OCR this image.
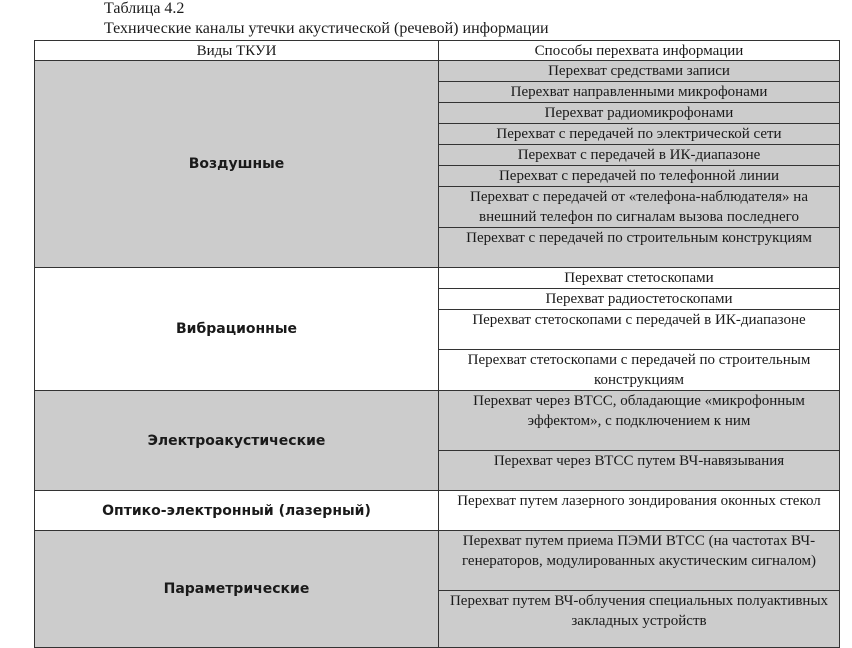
Таблица 4.2
Технические каналы утечки акустической (речевой) информации
Виды ТКУИ	Способы перехвата информации
Воздушные	Перехват средствами записи
	Перехват направленными микрофонами
	Перехват радиомикрофонами
	Перехват с передачей по электрической сети
	Перехват с передачей в ИК-диапазоне
	Перехват с передачей по телефонной линии
	Перехват с передачей от «телефона-наблюдателя» на внешний телефон по сигналам вызова последнего
	Перехват с передачей по строительным конструкциям
Вибрационные	Перехват стетоскопами
	Перехват радиостетоскопами
	Перехват стетоскопами с передачей в ИК-диапазоне
	Перехват стетоскопами с передачей по строительным конструкциям
Электроакустические	Перехват через ВТСС, обладающие «микрофонным эффектом», с подключением к ним
	Перехват через ВТСС путем ВЧ-навязывания
Оптико-электронный (лазерный)	Перехват путем лазерного зондирования оконных стекол
Параметрические	Перехват путем приема ПЭМИ ВТСС (на частотах ВЧ-генераторов, модулированных акустическим сигналом)
	Перехват путем ВЧ-облучения специальных полуактивных закладных устройств
